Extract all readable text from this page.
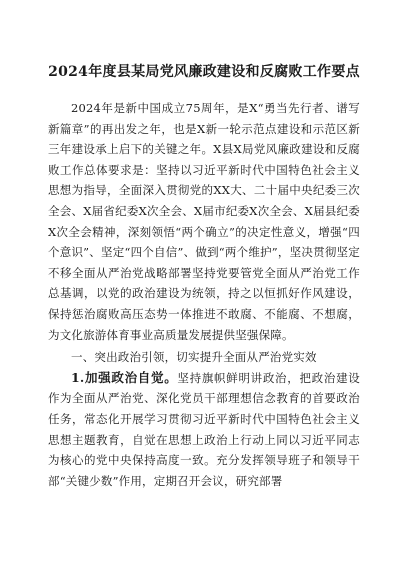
2024年度县某局党风廉政建设和反腐败工作要点

2024年是新中国成立75周年，是X“勇当先行者、谱写新篇章”的再出发之年，也是X新一轮示范点建设和示范区新三年建设承上启下的关键之年。X县X局党风廉政建设和反腐败工作总体要求是：坚持以习近平新时代中国特色社会主义思想为指导，全面深入贯彻党的XX大、二十届中央纪委三次全会、X届省纪委X次全会、X届市纪委X次全会、X届县纪委X次全会精神，深刻领悟“两个确立”的决定性意义，增强“四个意识”、坚定“四个自信”、做到“两个维护”，坚决贯彻坚定不移全面从严治党战略部署坚持党要管党全面从严治党工作总基调，以党的政治建设为统领，持之以恒抓好作风建设，保持惩治腐败高压态势一体推进不敢腐、不能腐、不想腐，为文化旅游体育事业高质量发展提供坚强保障。

一、突出政治引领，切实提升全面从严治党实效

1.加强政治自觉。坚持旗帜鲜明讲政治，把政治建设作为全面从严治党、深化党员干部理想信念教育的首要政治任务，常态化开展学习贯彻习近平新时代中国特色社会主义思想主题教育，自觉在思想上政治上行动上同以习近平同志为核心的党中央保持高度一致。充分发挥领导班子和领导干部“关键少数”作用，定期召开会议，研究部署
